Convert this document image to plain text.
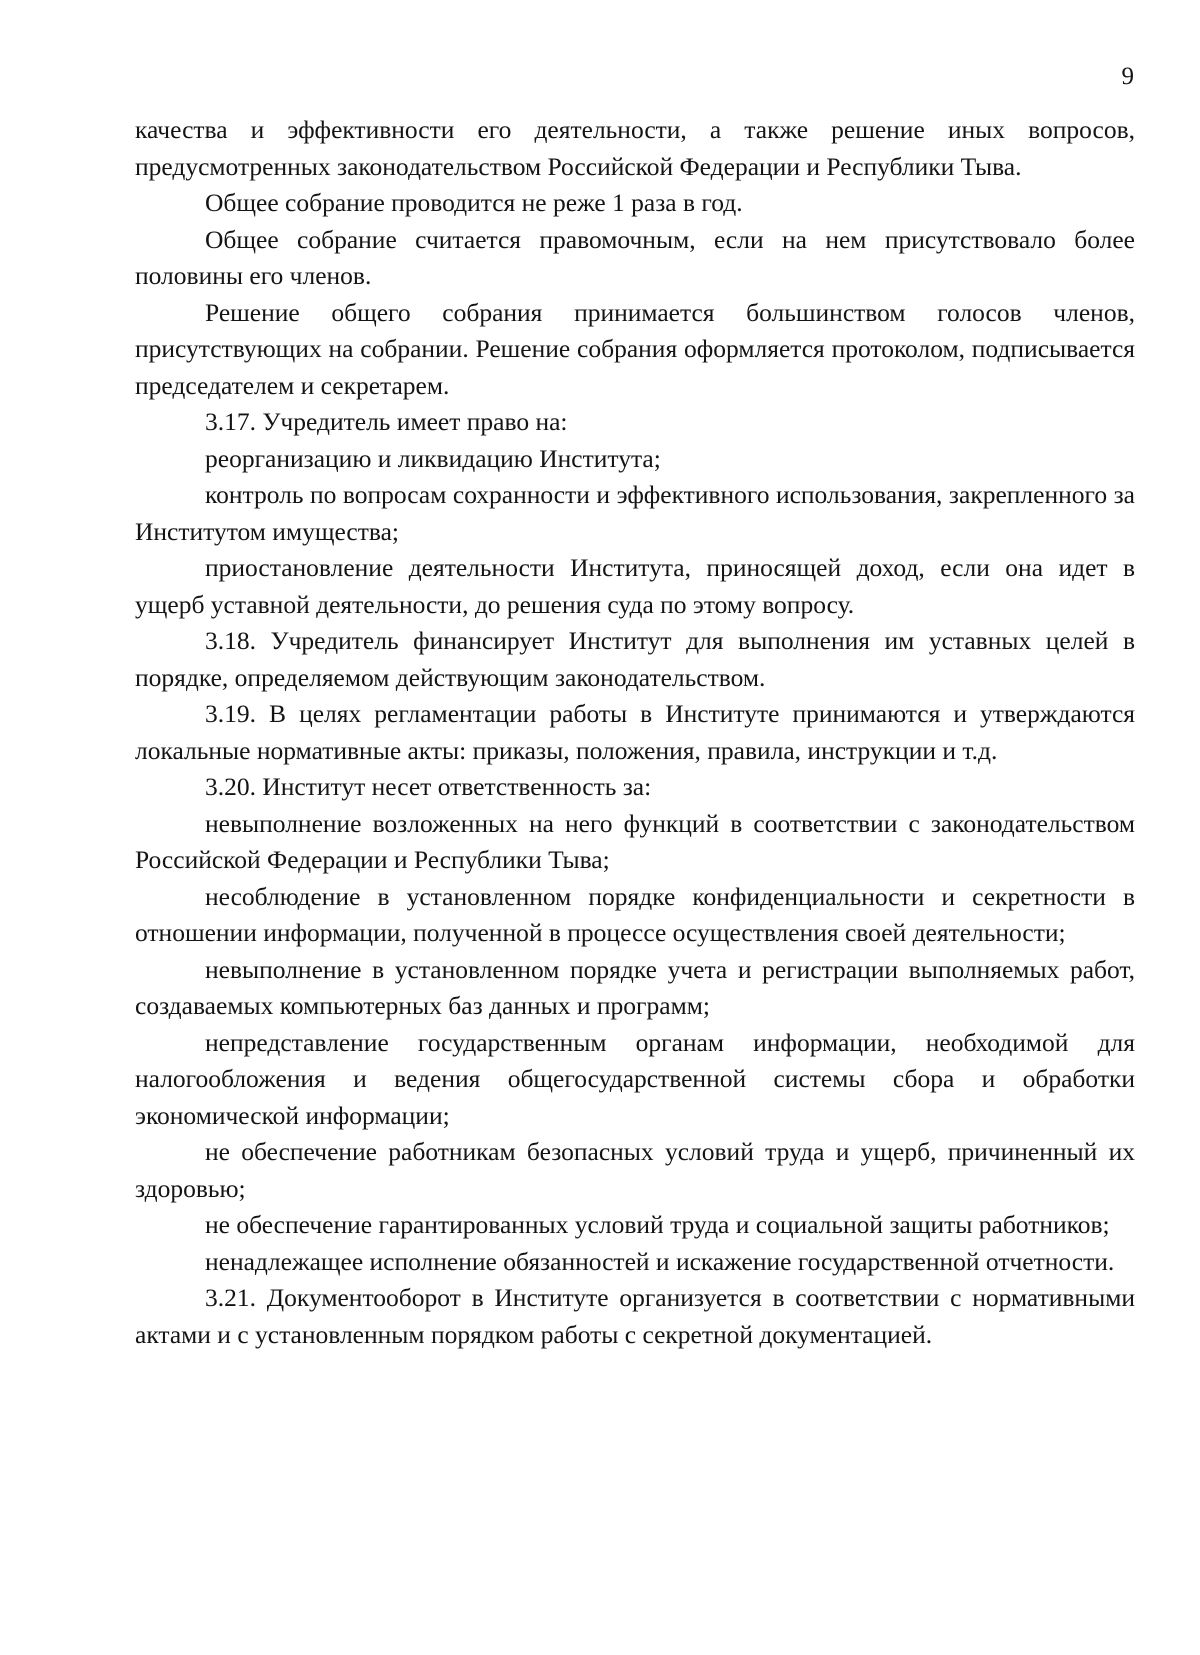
9

качества и эффективности его деятельности, а также решение иных вопросов, предусмотренных законодательством Российской Федерации и Республики Тыва.

Общее собрание проводится не реже 1 раза в год.

Общее собрание считается правомочным, если на нем присутствовало более половины его членов.

Решение общего собрания принимается большинством голосов членов, присутствующих на собрании. Решение собрания оформляется протоколом, подписывается председателем и секретарем.

3.17. Учредитель имеет право на:

реорганизацию и ликвидацию Института;

контроль по вопросам сохранности и эффективного использования, закрепленного за Институтом имущества;

приостановление деятельности Института, приносящей доход, если она идет в ущерб уставной деятельности, до решения суда по этому вопросу.

3.18. Учредитель финансирует Институт для выполнения им уставных целей в порядке, определяемом действующим законодательством.

3.19. В целях регламентации работы в Институте принимаются и утверждаются локальные нормативные акты: приказы, положения, правила, инструкции и т.д.

3.20. Институт несет ответственность за:

невыполнение возложенных на него функций в соответствии с законодательством Российской Федерации и Республики Тыва;

несоблюдение в установленном порядке конфиденциальности и секретности в отношении информации, полученной в процессе осуществления своей деятельности;

невыполнение в установленном порядке учета и регистрации выполняемых работ, создаваемых компьютерных баз данных и программ;

непредставление государственным органам информации, необходимой для налогообложения и ведения общегосударственной системы сбора и обработки экономической информации;

не обеспечение работникам безопасных условий труда и ущерб, причиненный их здоровью;

не обеспечение гарантированных условий труда и социальной защиты работников;

ненадлежащее исполнение обязанностей и искажение государственной отчетности.

3.21. Документооборот в Институте организуется в соответствии с нормативными актами и с установленным порядком работы с секретной документацией.
